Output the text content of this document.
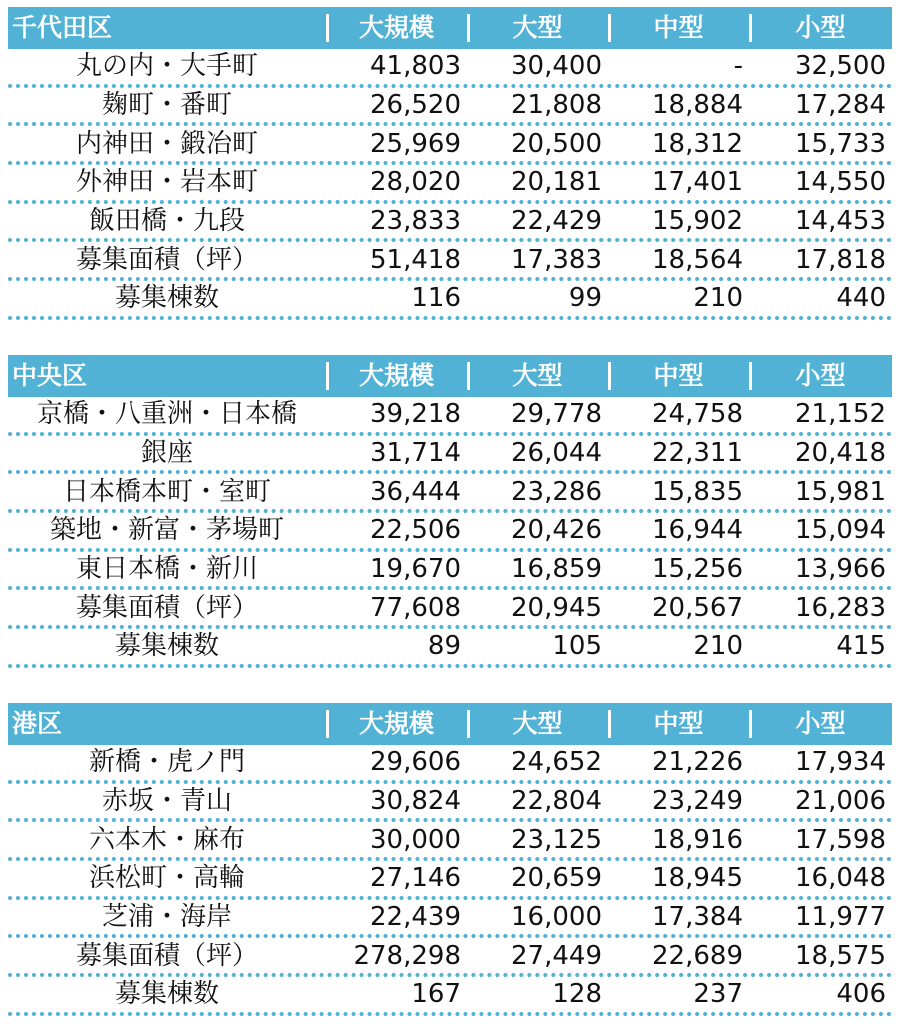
千代田区	大規模	大型	中型	小型
丸の内・大手町	41,803	30,400	-	32,500
麹町・番町	26,520	21,808	18,884	17,284
内神田・鍛冶町	25,969	20,500	18,312	15,733
外神田・岩本町	28,020	20,181	17,401	14,550
飯田橋・九段	23,833	22,429	15,902	14,453
募集面積（坪）	51,418	17,383	18,564	17,818
募集棟数	116	99	210	440
中央区	大規模	大型	中型	小型
京橋・八重洲・日本橋	39,218	29,778	24,758	21,152
銀座	31,714	26,044	22,311	20,418
日本橋本町・室町	36,444	23,286	15,835	15,981
築地・新富・茅場町	22,506	20,426	16,944	15,094
東日本橋・新川	19,670	16,859	15,256	13,966
募集面積（坪）	77,608	20,945	20,567	16,283
募集棟数	89	105	210	415
港区	大規模	大型	中型	小型
新橋・虎ノ門	29,606	24,652	21,226	17,934
赤坂・青山	30,824	22,804	23,249	21,006
六本木・麻布	30,000	23,125	18,916	17,598
浜松町・高輪	27,146	20,659	18,945	16,048
芝浦・海岸	22,439	16,000	17,384	11,977
募集面積（坪）	278,298	27,449	22,689	18,575
募集棟数	167	128	237	406
